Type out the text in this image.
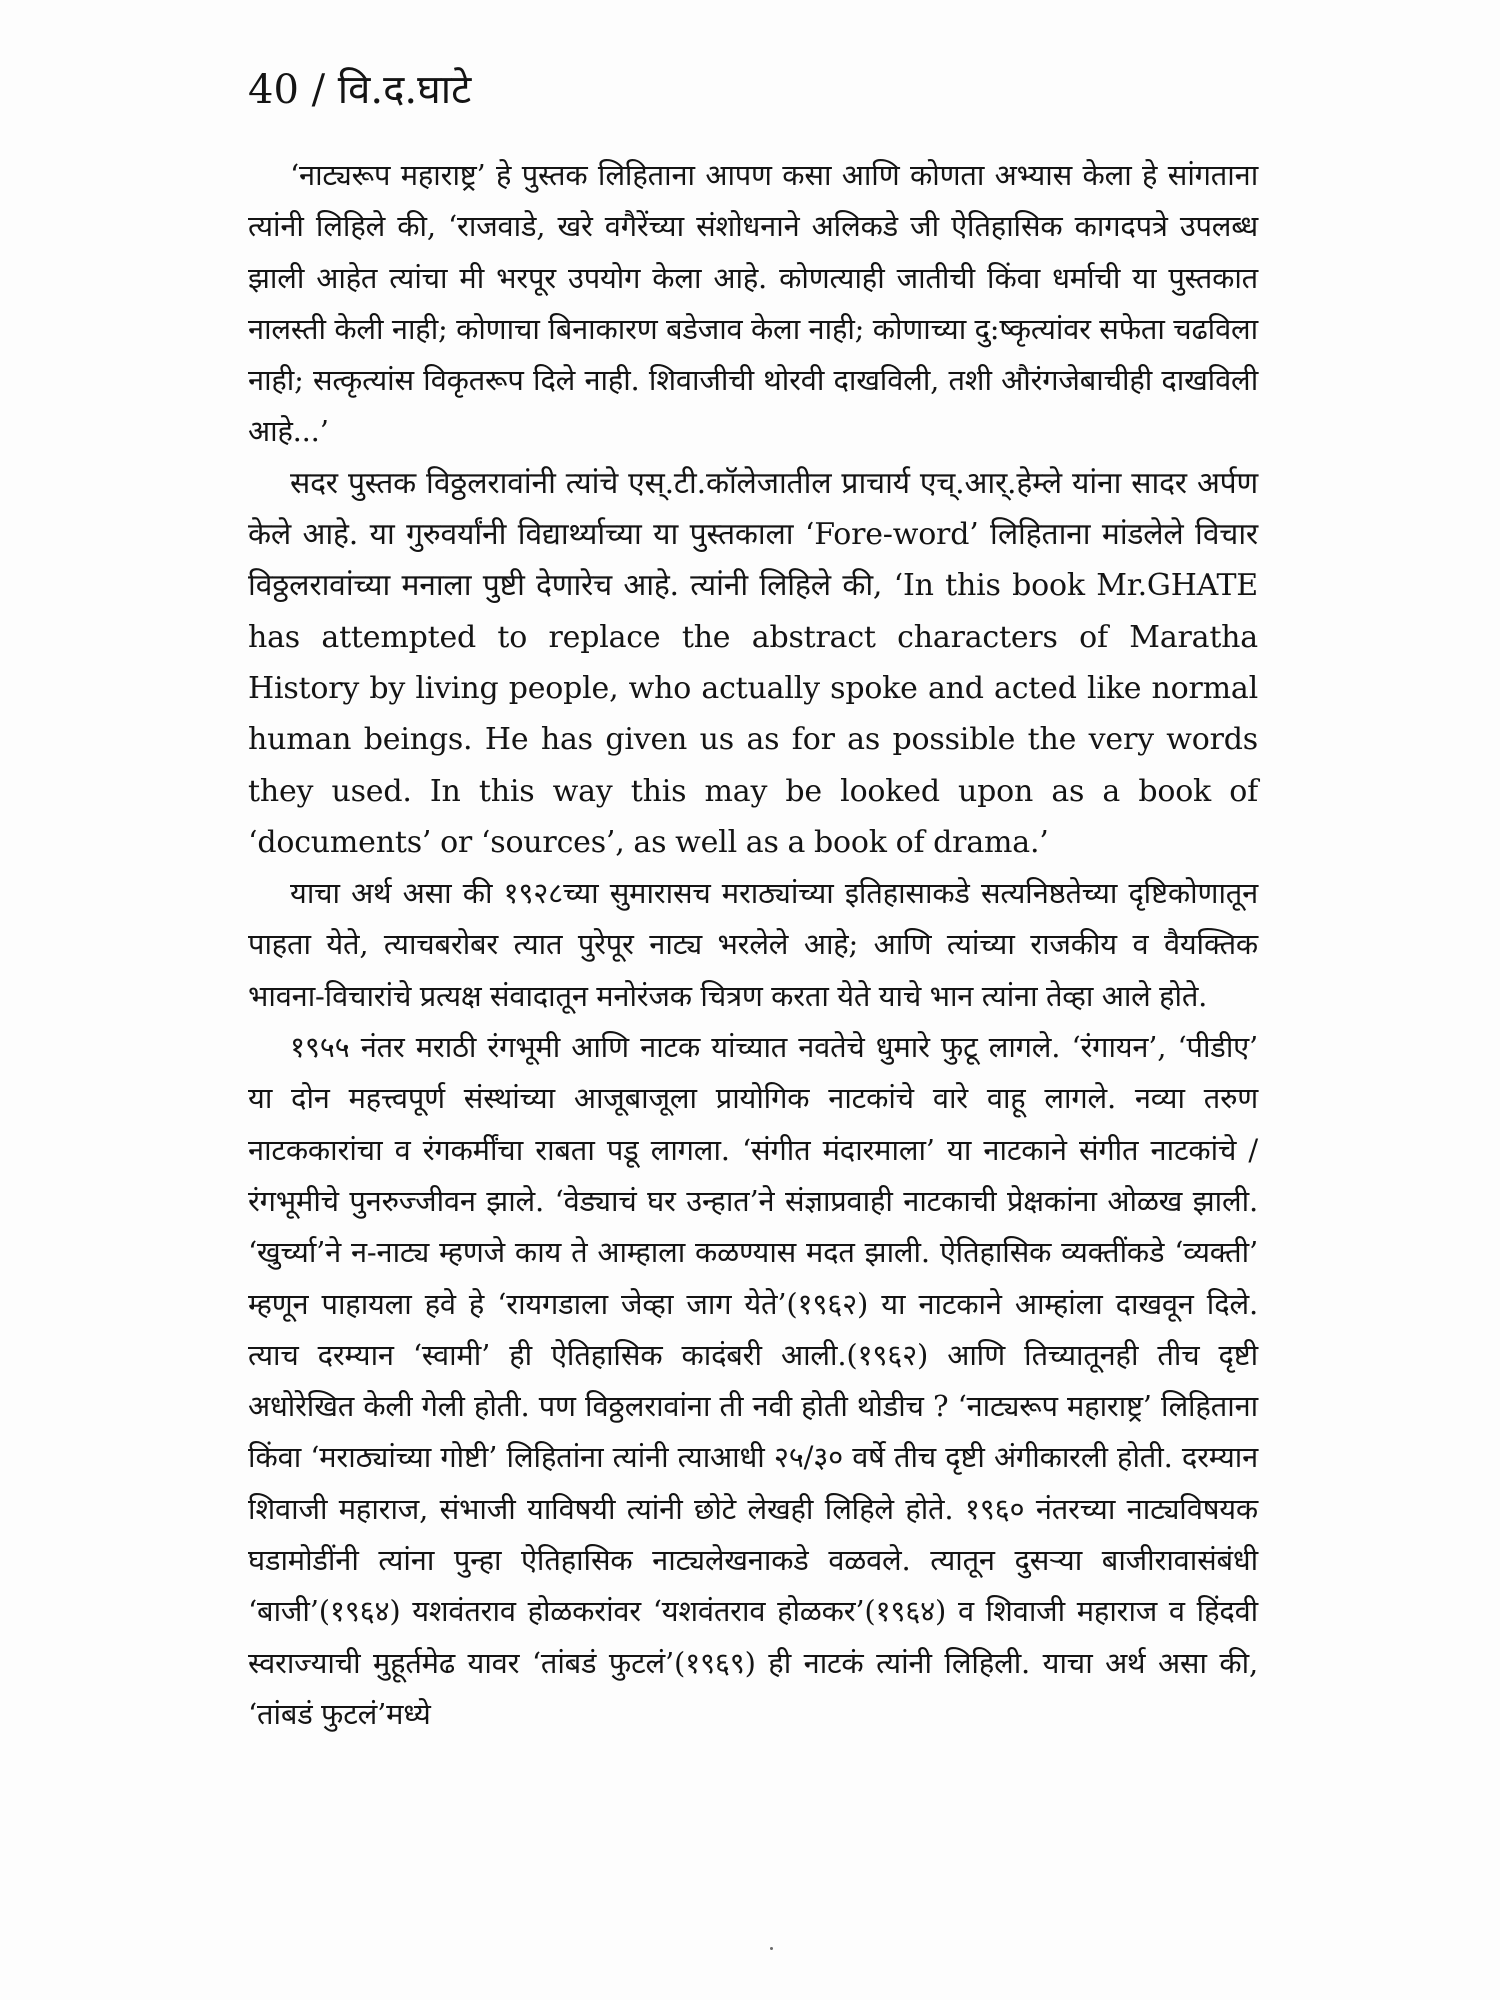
40 / वि.द.घाटे

‘नाट्यरूप महाराष्ट्र’ हे पुस्तक लिहिताना आपण कसा आणि कोणता अभ्यास केला हे सांगताना त्यांनी लिहिले की, ‘राजवाडे, खरे वगैरेंच्या संशोधनाने अलिकडे जी ऐतिहासिक कागदपत्रे उपलब्ध झाली आहेत त्यांचा मी भरपूर उपयोग केला आहे. कोणत्याही जातीची किंवा धर्माची या पुस्तकात नालस्ती केली नाही; कोणाचा बिनाकारण बडेजाव केला नाही; कोणाच्या दु:ष्कृत्यांवर सफेता चढविला नाही; सत्कृत्यांस विकृतरूप दिले नाही. शिवाजीची थोरवी दाखविली, तशी औरंगजेबाचीही दाखविली आहे...’

सदर पुस्तक विठ्ठलरावांनी त्यांचे एस्.टी.कॉलेजातील प्राचार्य एच्.आर्.हेम्ले यांना सादर अर्पण केले आहे. या गुरुवर्यांनी विद्यार्थ्याच्या या पुस्तकाला ‘Fore-word’ लिहिताना मांडलेले विचार विठ्ठलरावांच्या मनाला पुष्टी देणारेच आहे. त्यांनी लिहिले की, ‘In this book Mr.GHATE has attempted to replace the abstract characters of Maratha History by living people, who actually spoke and acted like normal human beings. He has given us as for as possible the very words they used. In this way this may be looked upon as a book of ‘documents’ or ‘sources’, as well as a book of drama.’

याचा अर्थ असा की १९२८च्या सुमारासच मराठ्यांच्या इतिहासाकडे सत्यनिष्ठतेच्या दृष्टिकोणातून पाहता येते, त्याचबरोबर त्यात पुरेपूर नाट्य भरलेले आहे; आणि त्यांच्या राजकीय व वैयक्तिक भावना-विचारांचे प्रत्यक्ष संवादातून मनोरंजक चित्रण करता येते याचे भान त्यांना तेव्हा आले होते.

१९५५ नंतर मराठी रंगभूमी आणि नाटक यांच्यात नवतेचे धुमारे फुटू लागले. ‘रंगायन’, ‘पीडीए’ या दोन महत्त्वपूर्ण संस्थांच्या आजूबाजूला प्रायोगिक नाटकांचे वारे वाहू लागले. नव्या तरुण नाटककारांचा व रंगकर्मींचा राबता पडू लागला. ‘संगीत मंदारमाला’ या नाटकाने संगीत नाटकांचे / रंगभूमीचे पुनरुज्जीवन झाले. ‘वेड्याचं घर उन्हात’ने संज्ञाप्रवाही नाटकाची प्रेक्षकांना ओळख झाली. ‘खुर्च्या’ने न-नाट्य म्हणजे काय ते आम्हाला कळण्यास मदत झाली. ऐतिहासिक व्यक्तींकडे ‘व्यक्ती’ म्हणून पाहायला हवे हे ‘रायगडाला जेव्हा जाग येते’(१९६२) या नाटकाने आम्हांला दाखवून दिले. त्याच दरम्यान ‘स्वामी’ ही ऐतिहासिक कादंबरी आली.(१९६२) आणि तिच्यातूनही तीच दृष्टी अधोरेखित केली गेली होती. पण विठ्ठलरावांना ती नवी होती थोडीच ? ‘नाट्यरूप महाराष्ट्र’ लिहिताना किंवा ‘मराठ्यांच्या गोष्टी’ लिहितांना त्यांनी त्याआधी २५/३० वर्षे तीच दृष्टी अंगीकारली होती. दरम्यान शिवाजी महाराज, संभाजी याविषयी त्यांनी छोटे लेखही लिहिले होते. १९६० नंतरच्या नाट्यविषयक घडामोडींनी त्यांना पुन्हा ऐतिहासिक नाट्यलेखनाकडे वळवले. त्यातून दुसऱ्या बाजीरावासंबंधी ‘बाजी’(१९६४) यशवंतराव होळकरांवर ‘यशवंतराव होळकर’(१९६४) व शिवाजी महाराज व हिंदवी स्वराज्याची मुहूर्तमेढ यावर ‘तांबडं फुटलं’(१९६९) ही नाटकं त्यांनी लिहिली. याचा अर्थ असा की, ‘तांबडं फुटलं’मध्ये
